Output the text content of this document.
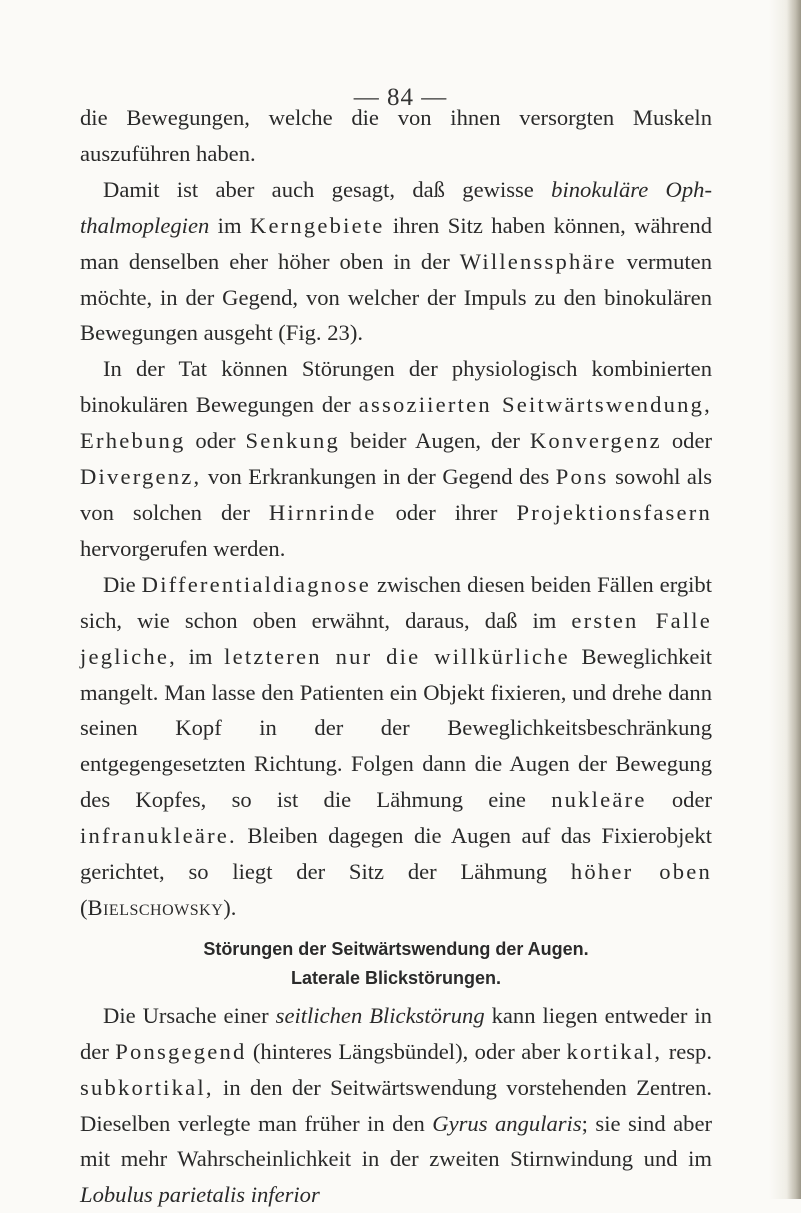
— 84 —

die Bewegungen, welche die von ihnen versorgten Muskeln auszuführen haben.

Damit ist aber auch gesagt, daß gewisse binokuläre Ophthalmoplegien im Kerngebiete ihren Sitz haben können, während man denselben eher höher oben in der Willenssphäre vermuten möchte, in der Gegend, von welcher der Impuls zu den binokulären Bewegungen ausgeht (Fig. 23).

In der Tat können Störungen der physiologisch kombinierten binokulären Bewegungen der assoziierten Seitwärtswendung, Erhebung oder Senkung beider Augen, der Konvergenz oder Divergenz, von Erkrankungen in der Gegend des Pons sowohl als von solchen der Hirnrinde oder ihrer Projektionsfasern hervorgerufen werden.

Die Differentialdiagnose zwischen diesen beiden Fällen ergibt sich, wie schon oben erwähnt, daraus, daß im ersten Falle jegliche, im letzteren nur die willkürliche Beweglichkeit mangelt. Man lasse den Patienten ein Objekt fixieren, und drehe dann seinen Kopf in der der Beweglichkeitsbeschränkung entgegengesetzten Richtung. Folgen dann die Augen der Bewegung des Kopfes, so ist die Lähmung eine nukleäre oder infranukleäre. Bleiben dagegen die Augen auf das Fixierobjekt gerichtet, so liegt der Sitz der Lähmung höher oben (Bielschowsky).

Störungen der Seitwärtswendung der Augen.
Laterale Blickstörungen.

Die Ursache einer seitlichen Blickstörung kann liegen entweder in der Ponsgegend (hinteres Längsbündel), oder aber kortikal, resp. subkortikal, in den der Seitwärtswendung vorstehenden Zentren. Dieselben verlegte man früher in den Gyrus angularis; sie sind aber mit mehr Wahrscheinlichkeit in der zweiten Stirnwindung und im Lobulus parietalis inferior
